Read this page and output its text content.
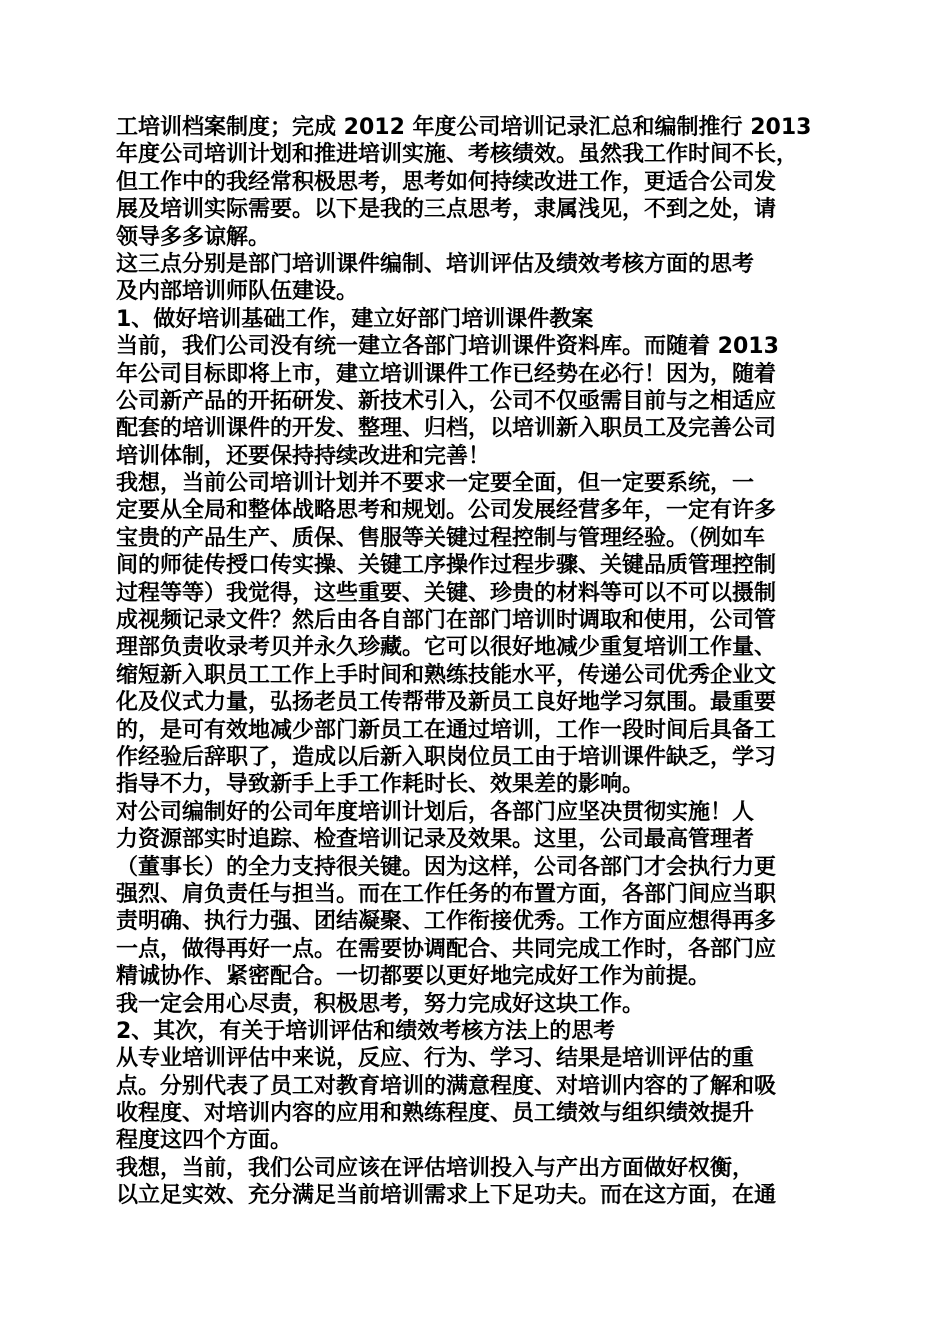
工培训档案制度；完成 2012 年度公司培训记录汇总和编制推行 2013
年度公司培训计划和推进培训实施、考核绩效。虽然我工作时间不长，
但工作中的我经常积极思考，思考如何持续改进工作，更适合公司发
展及培训实际需要。以下是我的三点思考，隶属浅见，不到之处，请
领导多多谅解。
这三点分别是部门培训课件编制、培训评估及绩效考核方面的思考
及内部培训师队伍建设。
1、做好培训基础工作，建立好部门培训课件教案
当前，我们公司没有统一建立各部门培训课件资料库。而随着 2013
年公司目标即将上市，建立培训课件工作已经势在必行！因为，随着
公司新产品的开拓研发、新技术引入，公司不仅亟需目前与之相适应
配套的培训课件的开发、整理、归档，以培训新入职员工及完善公司
培训体制，还要保持持续改进和完善！
我想，当前公司培训计划并不要求一定要全面，但一定要系统，一
定要从全局和整体战略思考和规划。公司发展经营多年，一定有许多
宝贵的产品生产、质保、售服等关键过程控制与管理经验。（例如车
间的师徒传授口传实操、关键工序操作过程步骤、关键品质管理控制
过程等等）我觉得，这些重要、关键、珍贵的材料等可以不可以摄制
成视频记录文件？然后由各自部门在部门培训时调取和使用，公司管
理部负责收录考贝并永久珍藏。它可以很好地减少重复培训工作量、
缩短新入职员工工作上手时间和熟练技能水平，传递公司优秀企业文
化及仪式力量，弘扬老员工传帮带及新员工良好地学习氛围。最重要
的，是可有效地减少部门新员工在通过培训，工作一段时间后具备工
作经验后辞职了，造成以后新入职岗位员工由于培训课件缺乏，学习
指导不力，导致新手上手工作耗时长、效果差的影响。
对公司编制好的公司年度培训计划后，各部门应坚决贯彻实施！人
力资源部实时追踪、检查培训记录及效果。这里，公司最高管理者
（董事长）的全力支持很关键。因为这样，公司各部门才会执行力更
强烈、肩负责任与担当。而在工作任务的布置方面，各部门间应当职
责明确、执行力强、团结凝聚、工作衔接优秀。工作方面应想得再多
一点，做得再好一点。在需要协调配合、共同完成工作时，各部门应
精诚协作、紧密配合。一切都要以更好地完成好工作为前提。
我一定会用心尽责，积极思考，努力完成好这块工作。
2、其次，有关于培训评估和绩效考核方法上的思考
从专业培训评估中来说，反应、行为、学习、结果是培训评估的重
点。分别代表了员工对教育培训的满意程度、对培训内容的了解和吸
收程度、对培训内容的应用和熟练程度、员工绩效与组织绩效提升
程度这四个方面。
我想，当前，我们公司应该在评估培训投入与产出方面做好权衡，
以立足实效、充分满足当前培训需求上下足功夫。而在这方面，在通
